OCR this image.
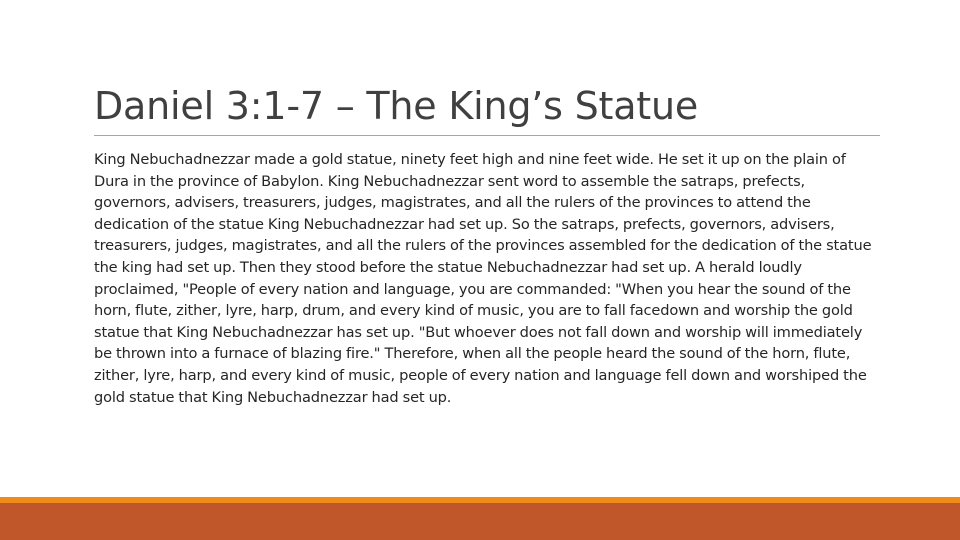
Daniel 3:1-7 – The King’s Statue

King Nebuchadnezzar made a gold statue, ninety feet high and nine feet wide. He set it up on the plain of Dura in the province of Babylon. King Nebuchadnezzar sent word to assemble the satraps, prefects, governors, advisers, treasurers, judges, magistrates, and all the rulers of the provinces to attend the dedication of the statue King Nebuchadnezzar had set up. So the satraps, prefects, governors, advisers, treasurers, judges, magistrates, and all the rulers of the provinces assembled for the dedication of the statue the king had set up. Then they stood before the statue Nebuchadnezzar had set up. A herald loudly proclaimed, "People of every nation and language, you are commanded: "When you hear the sound of the horn, flute, zither, lyre, harp, drum, and every kind of music, you are to fall facedown and worship the gold statue that King Nebuchadnezzar has set up. "But whoever does not fall down and worship will immediately be thrown into a furnace of blazing fire." Therefore, when all the people heard the sound of the horn, flute, zither, lyre, harp, and every kind of music, people of every nation and language fell down and worshiped the gold statue that King Nebuchadnezzar had set up.
